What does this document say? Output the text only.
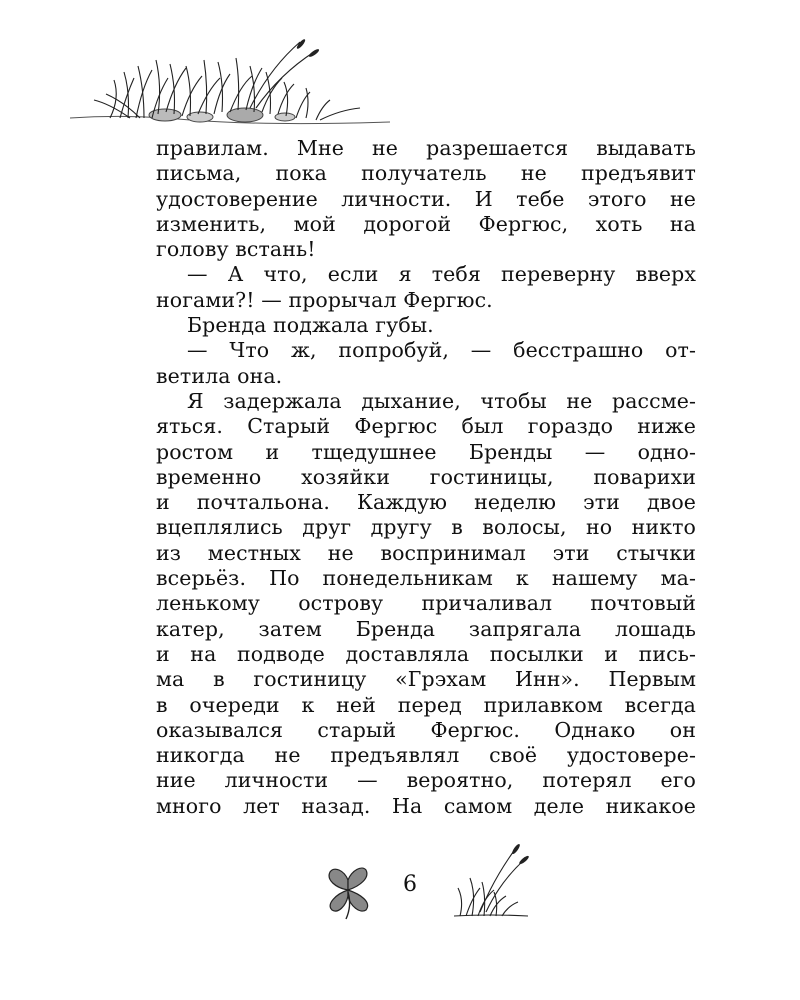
правилам. Мне не разрешается выдавать
письма, пока получатель не предъявит
удостоверение личности. И тебе этого не
изменить, мой дорогой Фергюс, хоть на
голову встань!
— А что, если я тебя переверну вверх
ногами?! — прорычал Фергюс.
Бренда поджала губы.
— Что ж, попробуй, — бесстрашно от-
ветила она.
Я задержала дыхание, чтобы не рассме-
яться. Старый Фергюс был гораздо ниже
ростом и тщедушнее Бренды — одно-
временно хозяйки гостиницы, поварихи
и почтальона. Каждую неделю эти двое
вцеплялись друг другу в волосы, но никто
из местных не воспринимал эти стычки
всерьёз. По понедельникам к нашему ма-
ленькому острову причаливал почтовый
катер, затем Бренда запрягала лошадь
и на подводе доставляла посылки и пись-
ма в гостиницу «Грэхам Инн». Первым
в очереди к ней перед прилавком всегда
оказывался старый Фергюс. Однако он
никогда не предъявлял своё удостовере-
ние личности — вероятно, потерял его
много лет назад. На самом деле никакое
6
